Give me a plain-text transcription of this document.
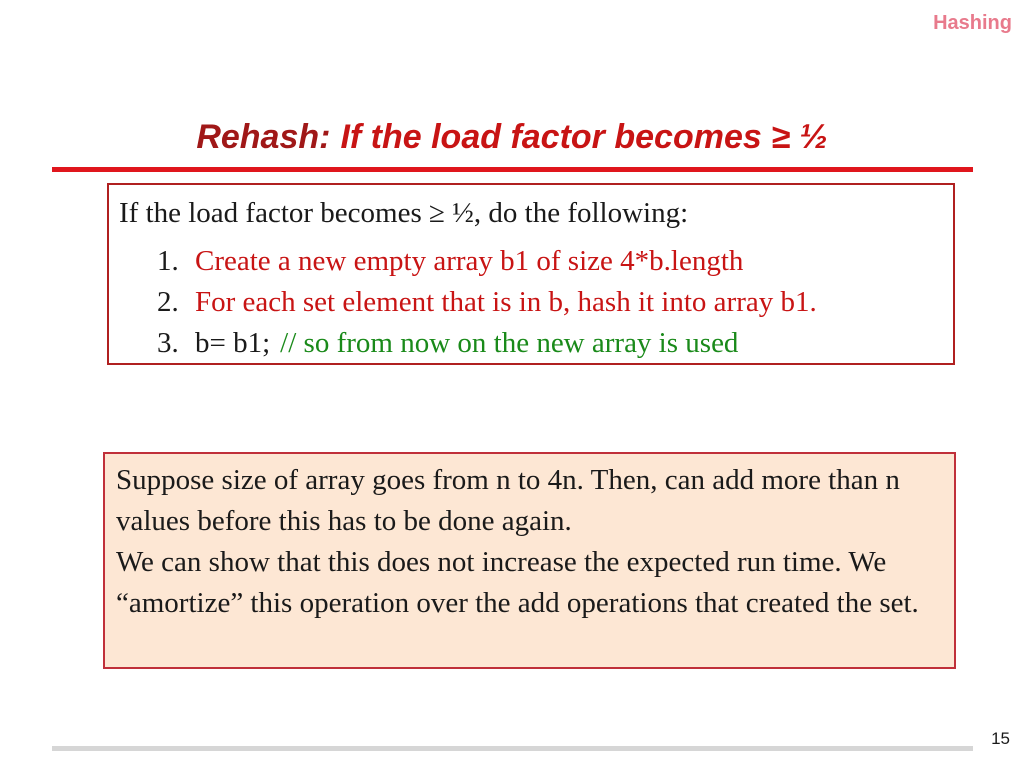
Hashing
Rehash: If the load factor becomes ≥ ½

If the load factor becomes ≥ ½, do the following:

1. Create a new empty array b1 of size 4*b.length
2. For each set element that is in b, hash it into array b1.
3. b= b1; // so from now on the new array is used

Suppose size of array goes from n to 4n. Then, can add more than n values before this has to be done again.

We can show that this does not increase the expected run time. We “amortize” this operation over the add operations that created the set.

15
